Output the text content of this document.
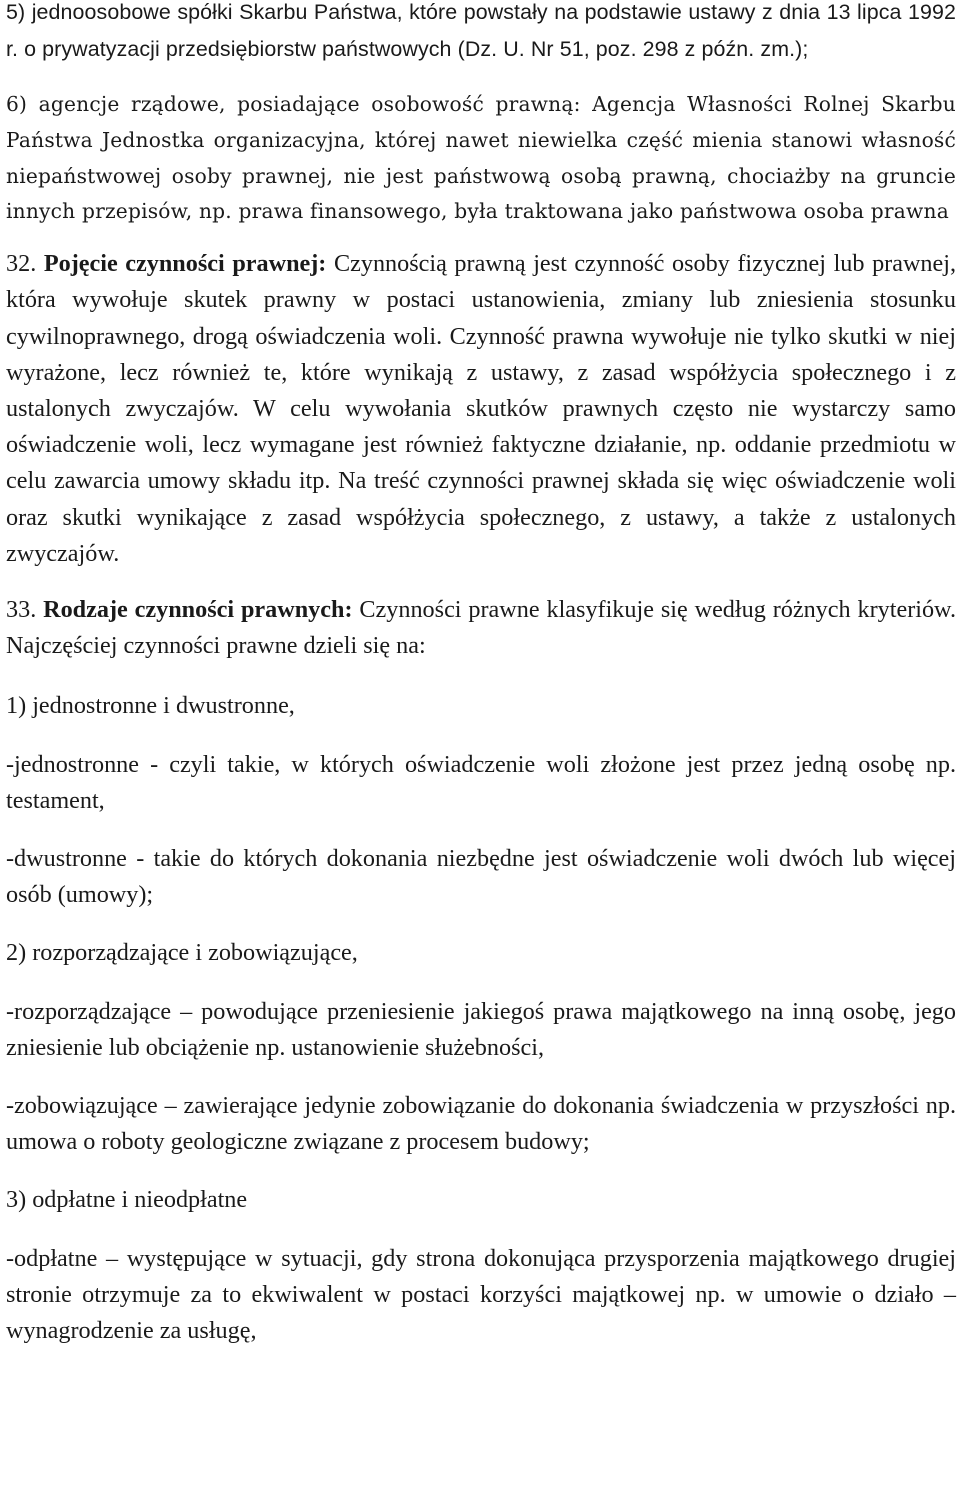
5) jednoosobowe spółki Skarbu Państwa, które powstały na podstawie ustawy z dnia 13 lipca 1992 r. o prywatyzacji przedsiębiorstw państwowych (Dz. U. Nr 51, poz. 298 z późn. zm.);

6) agencje rządowe, posiadające osobowość prawną: Agencja Własności Rolnej Skarbu Państwa Jednostka organizacyjna, której nawet niewielka część mienia stanowi własność niepaństwowej osoby prawnej, nie jest państwową osobą prawną, chociażby na gruncie innych przepisów, np. prawa finansowego, była traktowana jako państwowa osoba prawna

32. Pojęcie czynności prawnej: Czynnością prawną jest czynność osoby fizycznej lub prawnej, która wywołuje skutek prawny w postaci ustanowienia, zmiany lub zniesienia stosunku cywilnoprawnego, drogą oświadczenia woli. Czynność prawna wywołuje nie tylko skutki w niej wyrażone, lecz również te, które wynikają z ustawy, z zasad współżycia społecznego i z ustalonych zwyczajów. W celu wywołania skutków prawnych często nie wystarczy samo oświadczenie woli, lecz wymagane jest również faktyczne działanie, np. oddanie przedmiotu w celu zawarcia umowy składu itp. Na treść czynności prawnej składa się więc oświadczenie woli oraz skutki wynikające z zasad współżycia społecznego, z ustawy, a także z ustalonych zwyczajów.

33. Rodzaje czynności prawnych: Czynności prawne klasyfikuje się według różnych kryteriów. Najczęściej czynności prawne dzieli się na:

1) jednostronne i dwustronne,

-jednostronne - czyli takie, w których oświadczenie woli złożone jest przez jedną osobę np. testament,

-dwustronne - takie do których dokonania niezbędne jest oświadczenie woli dwóch lub więcej osób (umowy);

2) rozporządzające i zobowiązujące,

-rozporządzające – powodujące przeniesienie jakiegoś prawa majątkowego na inną osobę, jego zniesienie lub obciążenie np. ustanowienie służebności,

-zobowiązujące – zawierające jedynie zobowiązanie do dokonania świadczenia w przyszłości np. umowa o roboty geologiczne związane z procesem budowy;

3) odpłatne i nieodpłatne

-odpłatne – występujące w sytuacji, gdy strona dokonująca przysporzenia majątkowego drugiej stronie otrzymuje za to ekwiwalent w postaci korzyści majątkowej np. w umowie o działo – wynagrodzenie za usługę,
